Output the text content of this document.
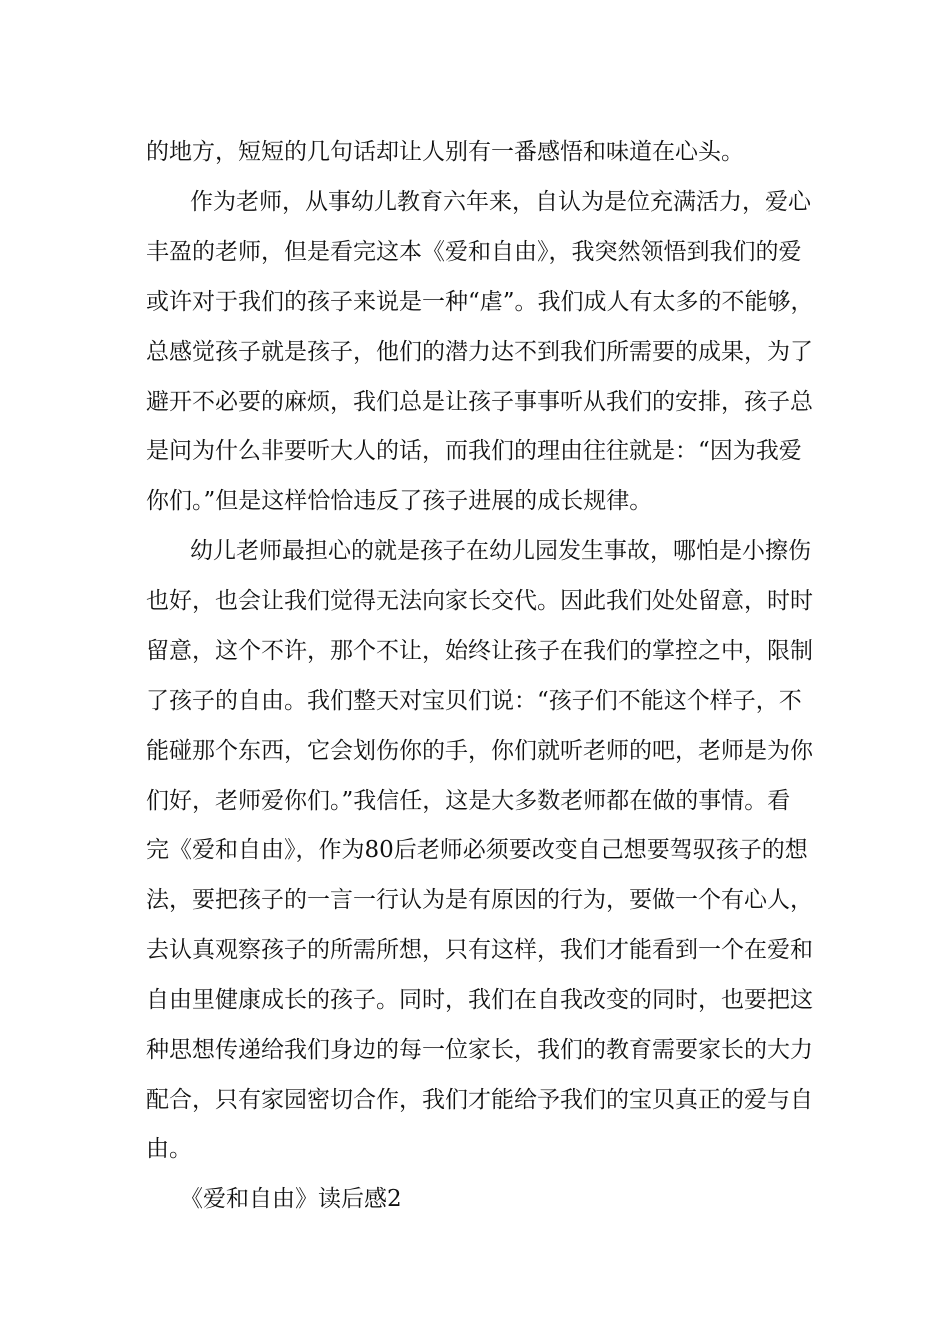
的地方，短短的几句话却让人别有一番感悟和味道在心头。
作为老师，从事幼儿教育六年来，自认为是位充满活力，爱心
丰盈的老师，但是看完这本《爱和自由》，我突然领悟到我们的爱
或许对于我们的孩子来说是一种“虐”。我们成人有太多的不能够，
总感觉孩子就是孩子，他们的潜力达不到我们所需要的成果，为了
避开不必要的麻烦，我们总是让孩子事事听从我们的安排，孩子总
是问为什么非要听大人的话，而我们的理由往往就是：“因为我爱
你们。”但是这样恰恰违反了孩子进展的成长规律。
幼儿老师最担心的就是孩子在幼儿园发生事故，哪怕是小擦伤
也好，也会让我们觉得无法向家长交代。因此我们处处留意，时时
留意，这个不许，那个不让，始终让孩子在我们的掌控之中，限制
了孩子的自由。我们整天对宝贝们说：“孩子们不能这个样子，不
能碰那个东西，它会划伤你的手，你们就听老师的吧，老师是为你
们好，老师爱你们。”我信任，这是大多数老师都在做的事情。看
完《爱和自由》，作为80后老师必须要改变自己想要驾驭孩子的想
法，要把孩子的一言一行认为是有原因的行为，要做一个有心人，
去认真观察孩子的所需所想，只有这样，我们才能看到一个在爱和
自由里健康成长的孩子。同时，我们在自我改变的同时，也要把这
种思想传递给我们身边的每一位家长，我们的教育需要家长的大力
配合，只有家园密切合作，我们才能给予我们的宝贝真正的爱与自
由。
《爱和自由》读后感2
